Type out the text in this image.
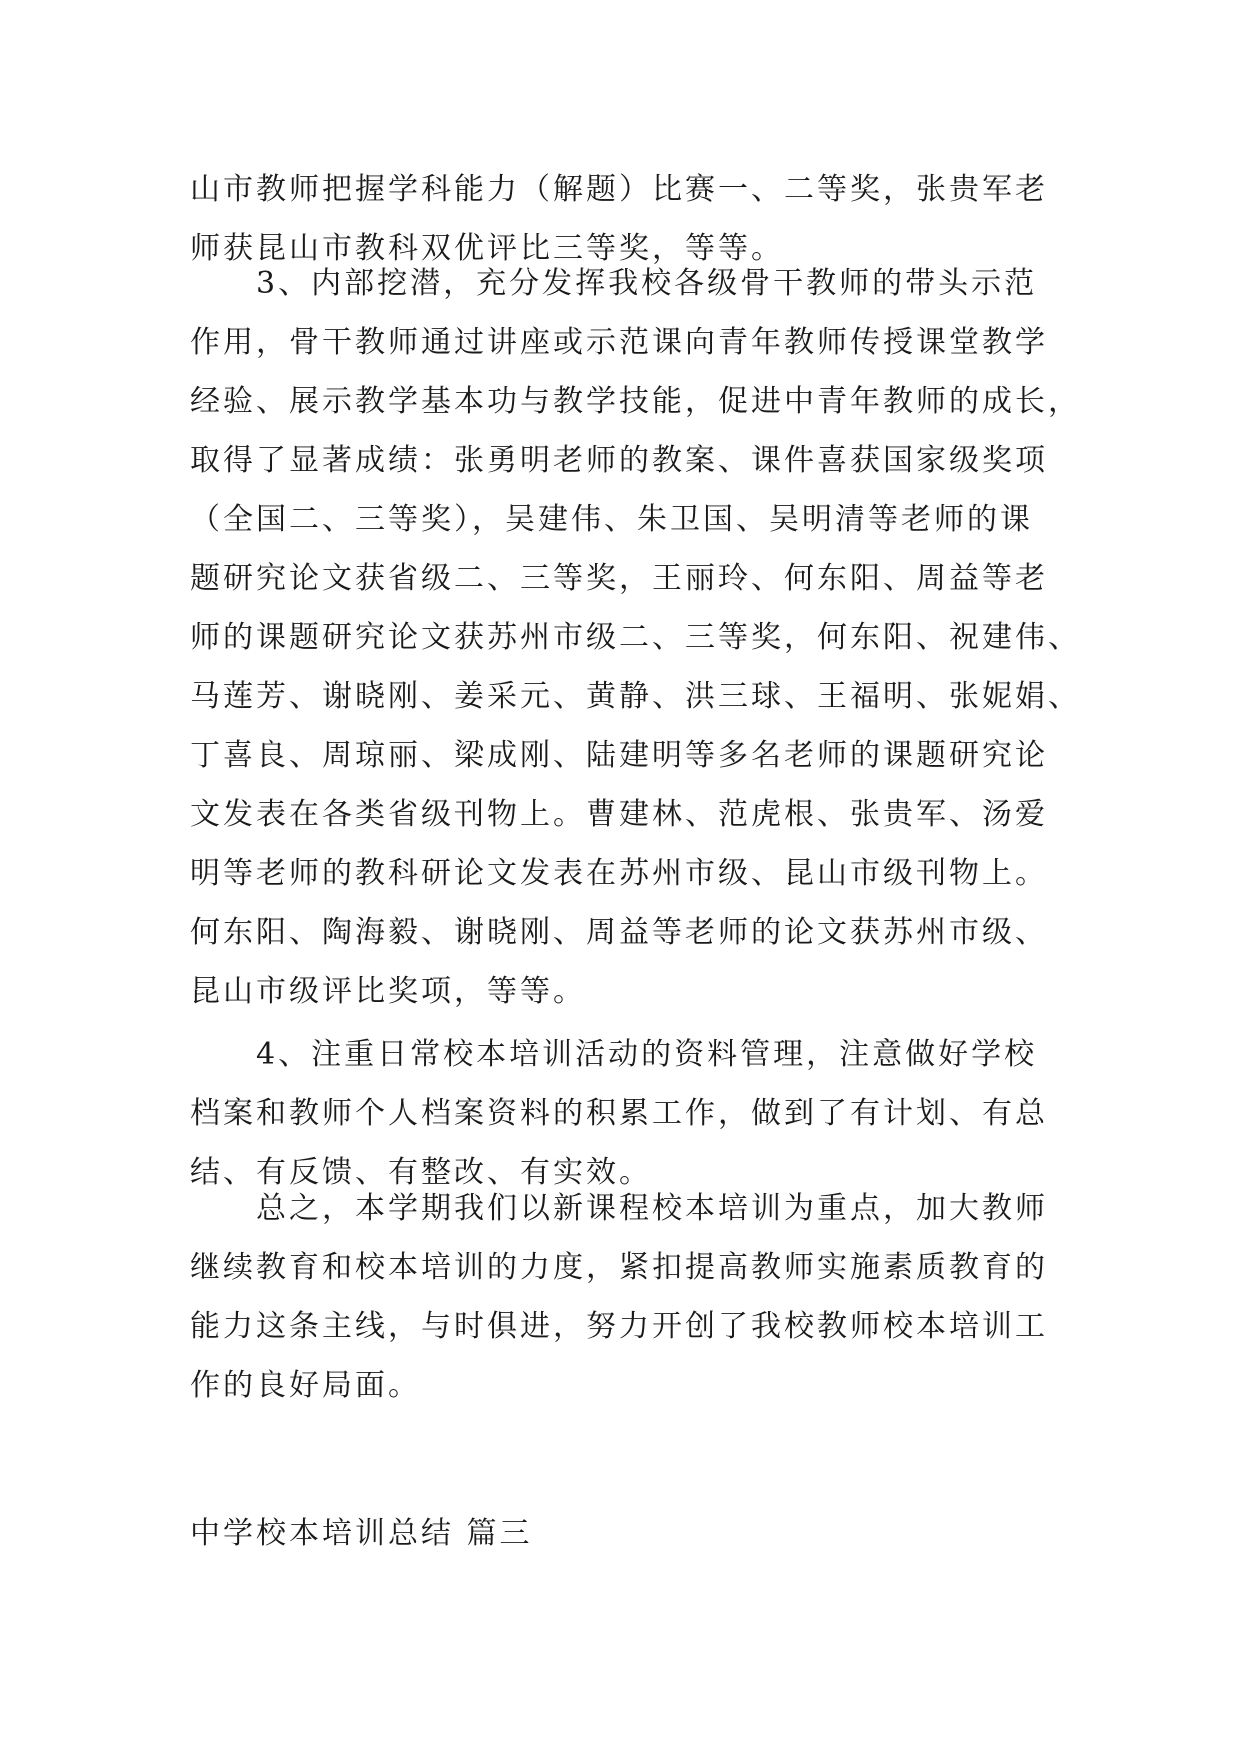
山市教师把握学科能力（解题）比赛一、二等奖，张贵军老
师获昆山市教科双优评比三等奖，等等。
3、内部挖潜，充分发挥我校各级骨干教师的带头示范
作用，骨干教师通过讲座或示范课向青年教师传授课堂教学
经验、展示教学基本功与教学技能，促进中青年教师的成长，
取得了显著成绩：张勇明老师的教案、课件喜获国家级奖项
（全国二、三等奖），吴建伟、朱卫国、吴明清等老师的课
题研究论文获省级二、三等奖，王丽玲、何东阳、周益等老
师的课题研究论文获苏州市级二、三等奖，何东阳、祝建伟、
马莲芳、谢晓刚、姜采元、黄静、洪三球、王福明、张妮娟、
丁喜良、周琼丽、梁成刚、陆建明等多名老师的课题研究论
文发表在各类省级刊物上。曹建林、范虎根、张贵军、汤爱
明等老师的教科研论文发表在苏州市级、昆山市级刊物上。
何东阳、陶海毅、谢晓刚、周益等老师的论文获苏州市级、
昆山市级评比奖项，等等。
4、注重日常校本培训活动的资料管理，注意做好学校
档案和教师个人档案资料的积累工作，做到了有计划、有总
结、有反馈、有整改、有实效。
总之，本学期我们以新课程校本培训为重点，加大教师
继续教育和校本培训的力度，紧扣提高教师实施素质教育的
能力这条主线，与时俱进，努力开创了我校教师校本培训工
作的良好局面。
中学校本培训总结 篇三
